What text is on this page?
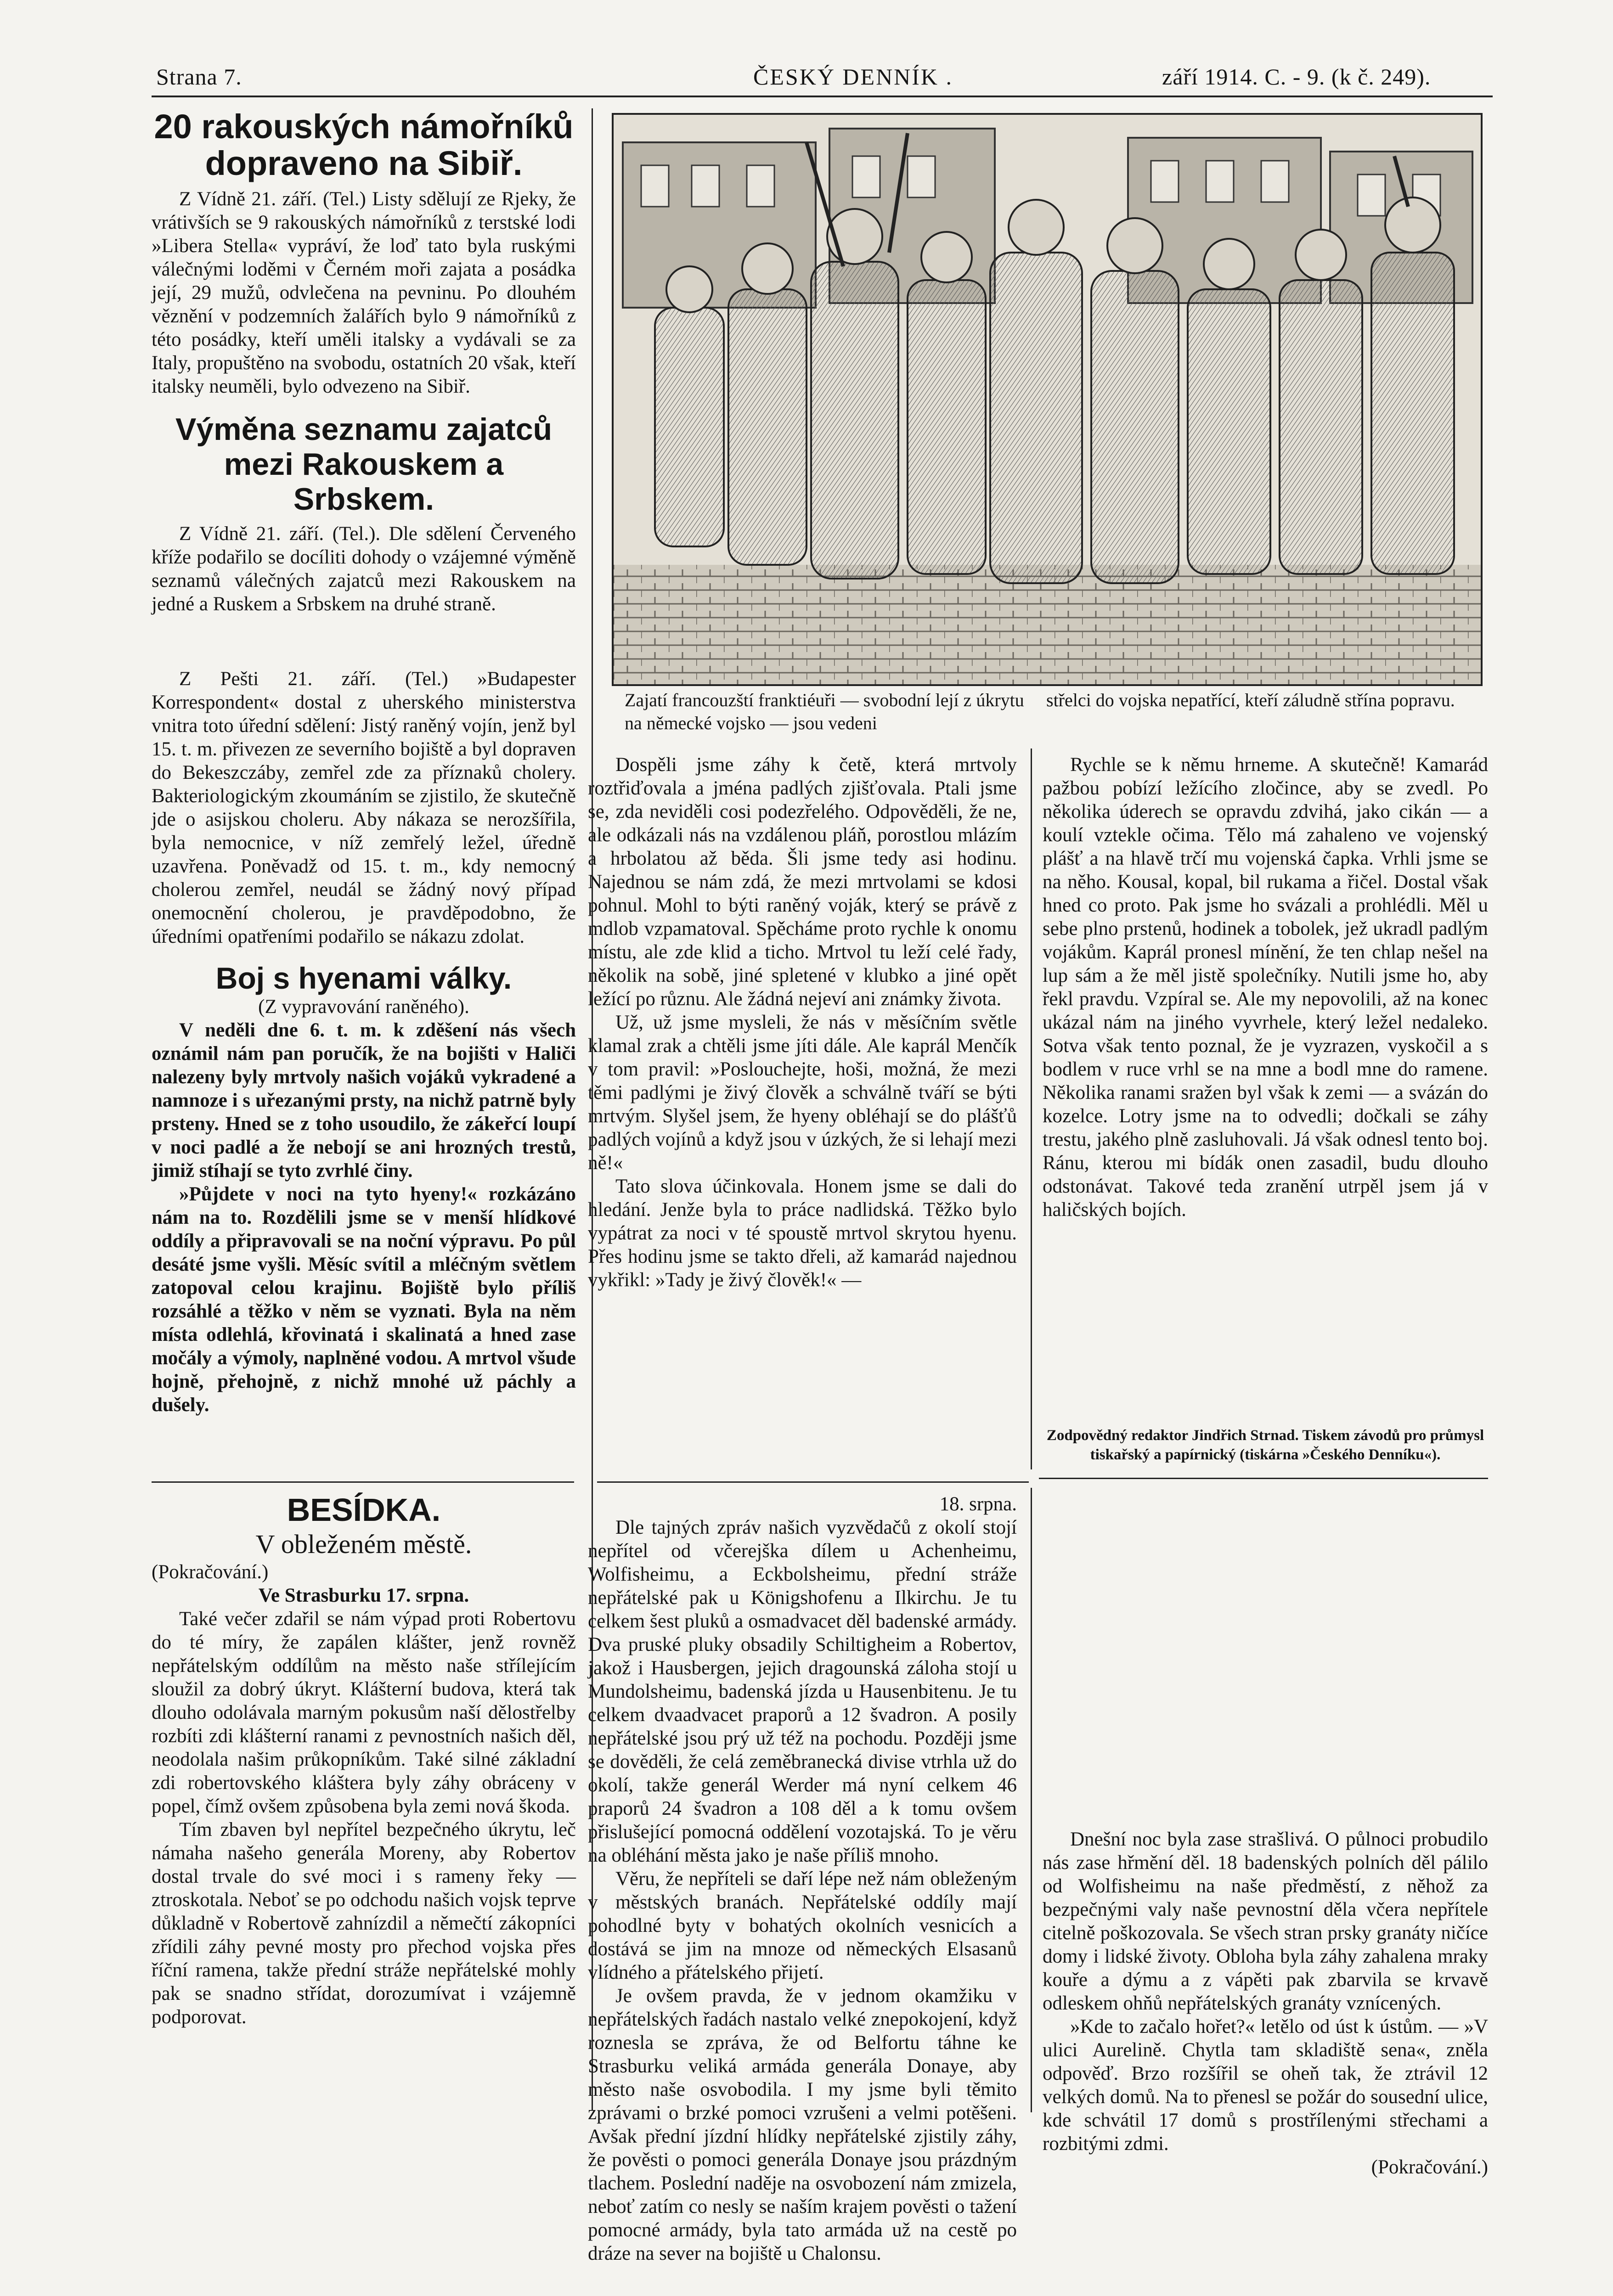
Strana 7.	ČESKÝ DENNÍK .	září 1914. C. - 9. (k č. 249).
20 rakouských námořníků
dopraveno na Sibiř.

Z Vídně 21. září. (Tel.) Listy sdělují ze Rjeky, že vrátivších se 9 rakouských námořníků z terstské lodi »Libera Stella« vypráví, že loď tato byla ruskými válečnými loděmi v Černém moři zajata a posádka její, 29 mužů, odvlečena na pevninu. Po dlouhém věznění v podzemních žalářích bylo 9 námořníků z této posádky, kteří uměli italsky a vydávali se za Italy, propuštěno na svobodu, ostatních 20 však, kteří italsky neuměli, bylo odvezeno na Sibiř.

Výměna seznamu zajatců
mezi Rakouskem a Srbskem.

Z Vídně 21. září. (Tel.). Dle sdělení Červeného kříže podařilo se docíliti dohody o vzájemné výměně seznamů válečných zajatců mezi Rakouskem na jedné a Ruskem a Srbskem na druhé straně.

Z Pešti 21. září. (Tel.) »Budapester Korrespondent« dostal z uherského ministerstva vnitra toto úřední sdělení: Jistý raněný vojín, jenž byl 15. t. m. přivezen ze severního bojiště a byl dopraven do Bekeszczáby, zemřel zde za příznaků cholery. Bakteriologickým zkoumáním se zjistilo, že skutečně jde o asijskou choleru. Aby nákaza se nerozšířila, byla nemocnice, v níž zemřelý ležel, úředně uzavřena. Poněvadž od 15. t. m., kdy nemocný cholerou zemřel, neudál se žádný nový případ onemocnění cholerou, je pravděpodobno, že úředními opatřeními podařilo se nákazu zdolat.

Boj s hyenami války.

(Z vypravování raněného).

V neděli dne 6. t. m. k zděšení nás všech oznámil nám pan poručík, že na bojišti v Haliči nalezeny byly mrtvoly našich vojáků vykradené a namnoze i s uřezanými prsty, na nichž patrně byly prsteny. Hned se z toho usoudilo, že zákeřcí loupí v noci padlé a že nebojí se ani hrozných trestů, jimiž stíhají se tyto zvrhlé činy.

»Půjdete v noci na tyto hyeny!« rozkázáno nám na to. Rozdělili jsme se v menší hlídkové oddíly a připravovali se na noční výpravu. Po půl desáté jsme vyšli. Měsíc svítil a mléčným světlem zatopoval celou krajinu. Bojiště bylo příliš rozsáhlé a těžko v něm se vyznati. Byla na něm místa odlehlá, křovinatá i skalinatá a hned zase močály a výmoly, naplněné vodou. A mrtvol všude hojně, přehojně, z nichž mnohé už páchly a dušely.

Zajatí francouzští franktiéuři — svobodní lejí z úkrytu na německé vojsko — jsou vedeni

střelci do vojska nepatřící, kteří záludně střína popravu.

Dospěli jsme záhy k četě, která mrtvoly roztřiďovala a jména padlých zjišťovala. Ptali jsme se, zda neviděli cosi podezřelého. Odpověděli, že ne, ale odkázali nás na vzdálenou pláň, porostlou mlázím a hrbolatou až běda. Šli jsme tedy asi hodinu. Najednou se nám zdá, že mezi mrtvolami se kdosi pohnul. Mohl to býti raněný voják, který se právě z mdlob vzpamatoval. Spěcháme proto rychle k onomu místu, ale zde klid a ticho. Mrtvol tu leží celé řady, několik na sobě, jiné spletené v klubko a jiné opět ležící po různu. Ale žádná nejeví ani známky života.

Už, už jsme mysleli, že nás v měsíčním světle klamal zrak a chtěli jsme jíti dále. Ale kaprál Menčík v tom pravil: »Poslouchejte, hoši, možná, že mezi těmi padlými je živý člověk a schválně tváří se býti mrtvým. Slyšel jsem, že hyeny obléhají se do plášťů padlých vojínů a když jsou v úzkých, že si lehají mezi ně!«

Tato slova účinkovala. Honem jsme se dali do hledání. Jenže byla to práce nadlidská. Těžko bylo vypátrat za noci v té spoustě mrtvol skrytou hyenu. Přes hodinu jsme se takto dřeli, až kamarád najednou vykřikl: »Tady je živý člověk!« —

Rychle se k němu hrneme. A skutečně! Kamarád pažbou pobízí ležícího zločince, aby se zvedl. Po několika úderech se opravdu zdvihá, jako cikán — a koulí vztekle očima. Tělo má zahaleno ve vojenský plášť a na hlavě trčí mu vojenská čapka. Vrhli jsme se na něho. Kousal, kopal, bil rukama a řičel. Dostal však hned co proto. Pak jsme ho svázali a prohlédli. Měl u sebe plno prstenů, hodinek a tobolek, jež ukradl padlým vojákům. Kaprál pronesl mínění, že ten chlap nešel na lup sám a že měl jistě společníky. Nutili jsme ho, aby řekl pravdu. Vzpíral se. Ale my nepovolili, až na konec ukázal nám na jiného vyvrhele, který ležel nedaleko. Sotva však tento poznal, že je vyzrazen, vyskočil a s bodlem v ruce vrhl se na mne a bodl mne do ramene. Několika ranami sražen byl však k zemi — a svázán do kozelce. Lotry jsme na to odvedli; dočkali se záhy trestu, jakého plně zasluhovali. Já však odnesl tento boj. Ránu, kterou mi bídák onen zasadil, budu dlouho odstonávat. Takové teda zranění utrpěl jsem já v haličských bojích.

Zodpovědný redaktor Jindřich Strnad. Tiskem závodů pro průmysl tiskařský a papírnický (tiskárna »Českého Denníku«).
BESÍDKA.
V obleženém městě.

(Pokračování.)

Ve Strasburku 17. srpna.

Také večer zdařil se nám výpad proti Robertovu do té míry, že zapálen klášter, jenž rovněž nepřátelským oddílům na město naše střílejícím sloužil za dobrý úkryt. Klášterní budova, která tak dlouho odolávala marným pokusům naší dělostřelby rozbíti zdi klášterní ranami z pevnostních našich děl, neodolala našim průkopníkům. Také silné základní zdi robertovského kláštera byly záhy obráceny v popel, čímž ovšem způsobena byla zemi nová škoda.

Tím zbaven byl nepřítel bezpečného úkrytu, leč námaha našeho generála Moreny, aby Robertov dostal trvale do své moci i s rameny řeky — ztroskotala. Neboť se po odchodu našich vojsk teprve důkladně v Robertově zahnízdil a němečtí zákopníci zřídili záhy pevné mosty pro přechod vojska přes říční ramena, takže přední stráže nepřátelské mohly pak se snadno střídat, dorozumívat i vzájemně podporovat.

18. srpna.

Dle tajných zpráv našich vyzvědačů z okolí stojí nepřítel od včerejška dílem u Achenheimu, Wolfisheimu, a Eckbolsheimu, přední stráže nepřátelské pak u Königshofenu a Ilkirchu. Je tu celkem šest pluků a osmadvacet děl badenské armády. Dva pruské pluky obsadily Schiltigheim a Robertov, jakož i Hausbergen, jejich dragounská záloha stojí u Mundolsheimu, badenská jízda u Hausenbitenu. Je tu celkem dvaadvacet praporů a 12 švadron. A posily nepřátelské jsou prý už též na pochodu. Později jsme se dověděli, že celá zeměbranecká divise vtrhla už do okolí, takže generál Werder má nyní celkem 46 praporů 24 švadron a 108 děl a k tomu ovšem přislušející pomocná oddělení vozotajská. To je věru na obléhání města jako je naše příliš mnoho.

Věru, že nepříteli se daří lépe než nám obleženým v městských branách. Nepřátelské oddíly mají pohodlné byty v bohatých okolních vesnicích a dostává se jim na mnoze od německých Elsasanů vlídného a přátelského přijetí.

Je ovšem pravda, že v jednom okamžiku v nepřátelských řadách nastalo velké znepokojení, když roznesla se zpráva, že od Belfortu táhne ke Strasburku veliká armáda generála Donaye, aby město naše osvobodila. I my jsme byli těmito zprávami o brzké pomoci vzrušeni a velmi potěšeni. Avšak přední jízdní hlídky nepřátelské zjistily záhy, že pověsti o pomoci generála Donaye jsou prázdným tlachem. Poslední naděje na osvobození nám zmizela, neboť zatím co nesly se naším krajem pověsti o tažení pomocné armády, byla tato armáda už na cestě po dráze na sever na bojiště u Chalonsu.

Dnešní noc byla zase strašlivá. O půlnoci probudilo nás zase hřmění děl. 18 badenských polních děl pálilo od Wolfisheimu na naše předměstí, z něhož za bezpečnými valy naše pevnostní děla včera nepřítele citelně poškozovala. Se všech stran prsky granáty ničíce domy i lidské životy. Obloha byla záhy zahalena mraky kouře a dýmu a z vápěti pak zbarvila se krvavě odleskem ohňů nepřátelských granáty vznícených.

»Kde to začalo hořet?« letělo od úst k ústům. — »V ulici Aurelině. Chytla tam skladiště sena«, zněla odpověď. Brzo rozšířil se oheň tak, že ztrávil 12 velkých domů. Na to přenesl se požár do sousední ulice, kde schvátil 17 domů s prostřílenými střechami a rozbitými zdmi.

(Pokračování.)
